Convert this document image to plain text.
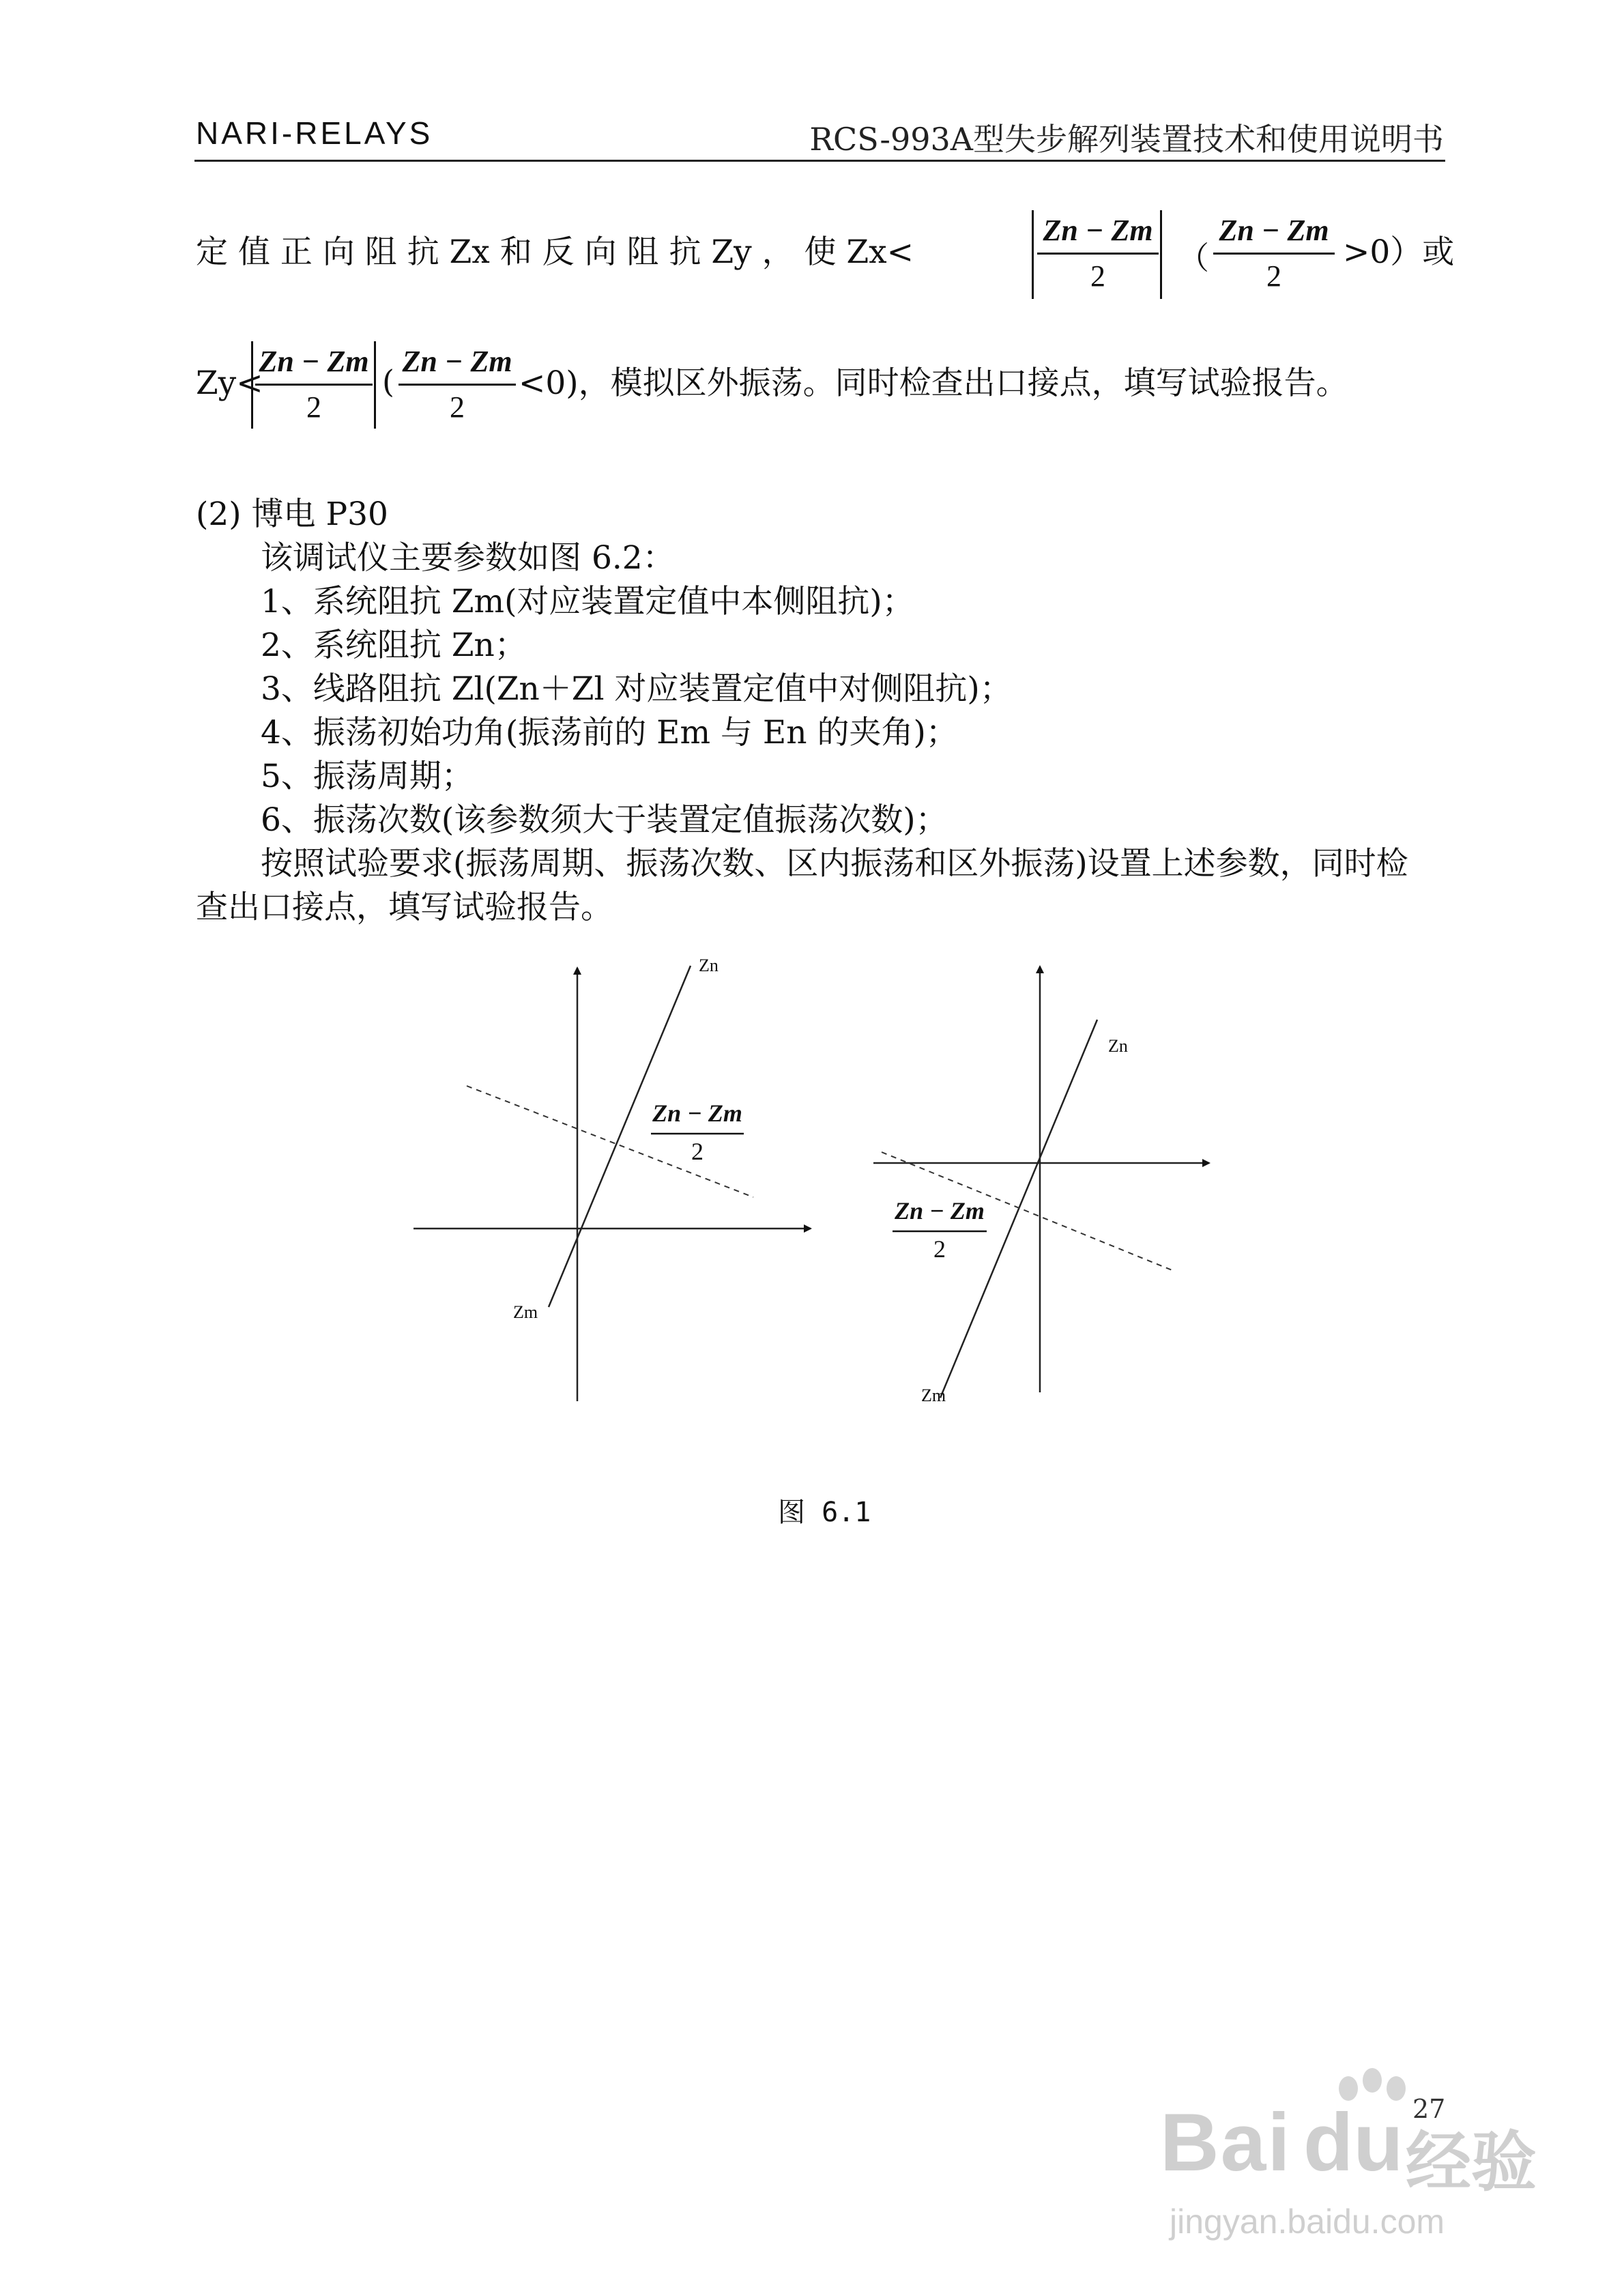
NARI-RELAYS	RCS-993A型失步解列装置技术和使用说明书
定 值 正 向 阻 抗 Zx 和 反 向 阻 抗 Zy ， 使 Zx<
Zn − Zm
2	（
Zn − Zm
2
>0）或
Zy<
Zn − Zm
2
(
Zn − Zm
2
<0)，模拟区外振荡。同时检查出口接点，填写试验报告。
(2) 博电 P30
该调试仪主要参数如图 6.2：
1、系统阻抗 Zm(对应装置定值中本侧阻抗)；
2、系统阻抗 Zn；
3、线路阻抗 Zl(Zn＋Zl 对应装置定值中对侧阻抗)；
4、振荡初始功角(振荡前的 Em 与 En 的夹角)；
5、振荡周期；
6、振荡次数(该参数须大于装置定值振荡次数)；
按照试验要求(振荡周期、振荡次数、区内振荡和区外振荡)设置上述参数，同时检
查出口接点，填写试验报告。
Zn
Zm
Zn
Zm
Zn − Zm
2
Zn − Zm
2
图 6.1
27
Bai du 经验
jingyan.baidu.com
